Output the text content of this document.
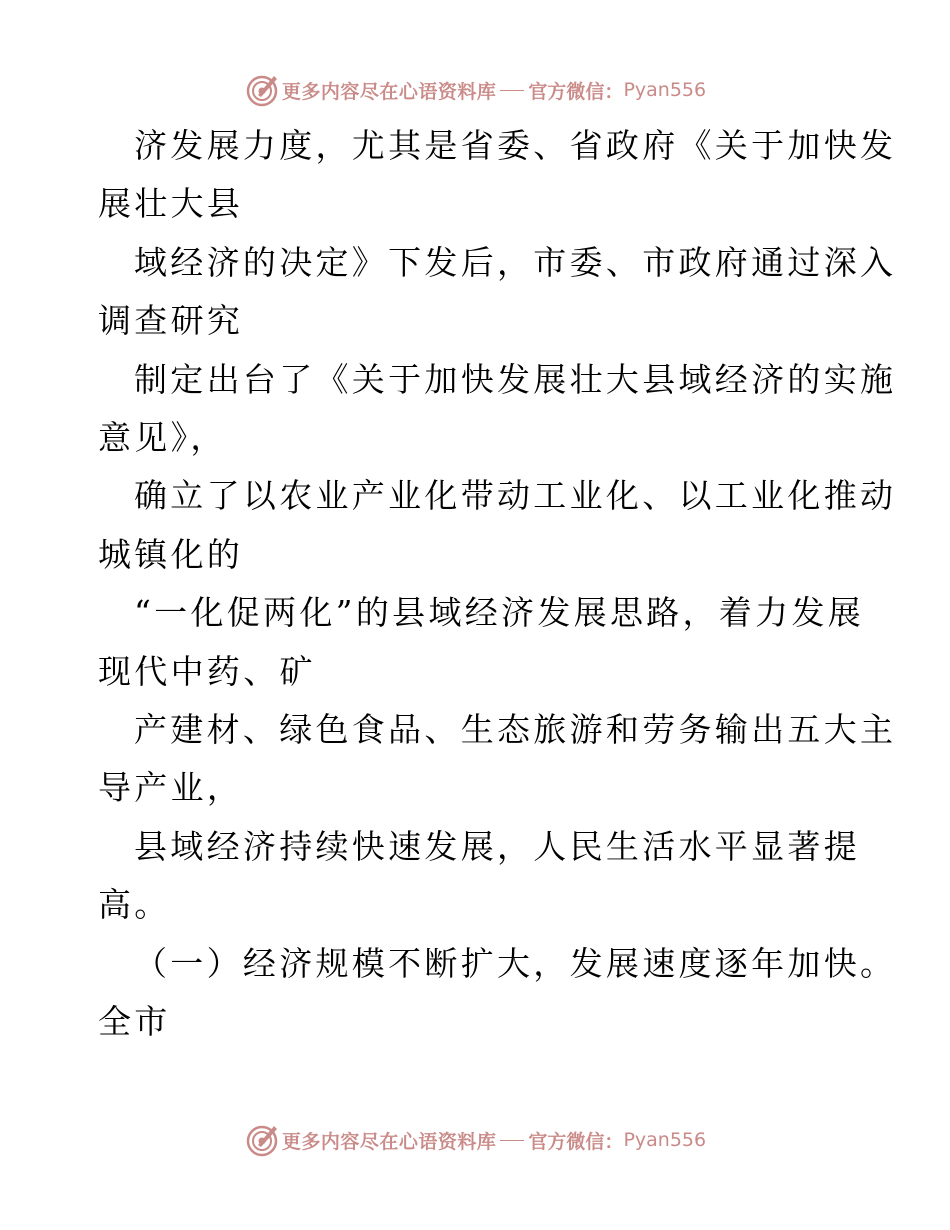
更多内容尽在心语资料库 官方微信： Pyan556
济发展力度，尤其是省委、省政府《关于加快发
展壮大县
域经济的决定》下发后，市委、市政府通过深入
调查研究
制定出台了《关于加快发展壮大县域经济的实施
意见》，
确立了以农业产业化带动工业化、以工业化推动
城镇化的
“一化促两化”的县域经济发展思路，着力发展
现代中药、矿
产建材、绿色食品、生态旅游和劳务输出五大主
导产业，
县域经济持续快速发展，人民生活水平显著提
高。
（一）经济规模不断扩大，发展速度逐年加快。
全市
更多内容尽在心语资料库 官方微信： Pyan556
